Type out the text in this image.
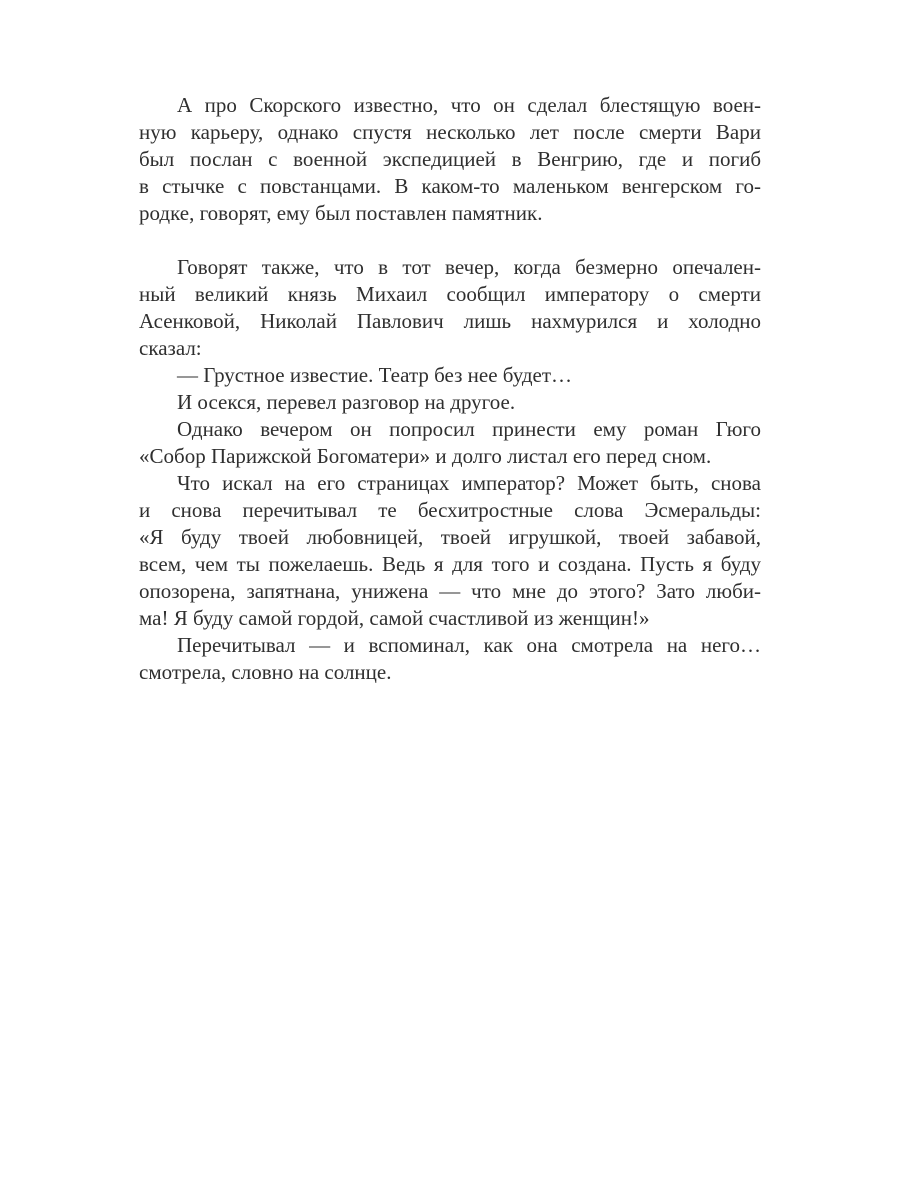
А про Скорского известно, что он сделал блестящую воен-
ную карьеру, однако спустя несколько лет после смерти Вари
был послан с военной экспедицией в Венгрию, где и погиб
в стычке с повстанцами. В каком-то маленьком венгерском го-
родке, говорят, ему был поставлен памятник.
Говорят также, что в тот вечер, когда безмерно опечален-
ный великий князь Михаил сообщил императору о смерти
Асенковой, Николай Павлович лишь нахмурился и холодно
сказал:
— Грустное известие. Театр без нее будет…
И осекся, перевел разговор на другое.
Однако вечером он попросил принести ему роман Гюго
«Собор Парижской Богоматери» и долго листал его перед сном.
Что искал на его страницах император? Может быть, снова
и снова перечитывал те бесхитростные слова Эсмеральды:
«Я буду твоей любовницей, твоей игрушкой, твоей забавой,
всем, чем ты пожелаешь. Ведь я для того и создана. Пусть я буду
опозорена, запятнана, унижена — что мне до этого? Зато люби-
ма! Я буду самой гордой, самой счастливой из женщин!»
Перечитывал — и вспоминал, как она смотрела на него…
смотрела, словно на солнце.
